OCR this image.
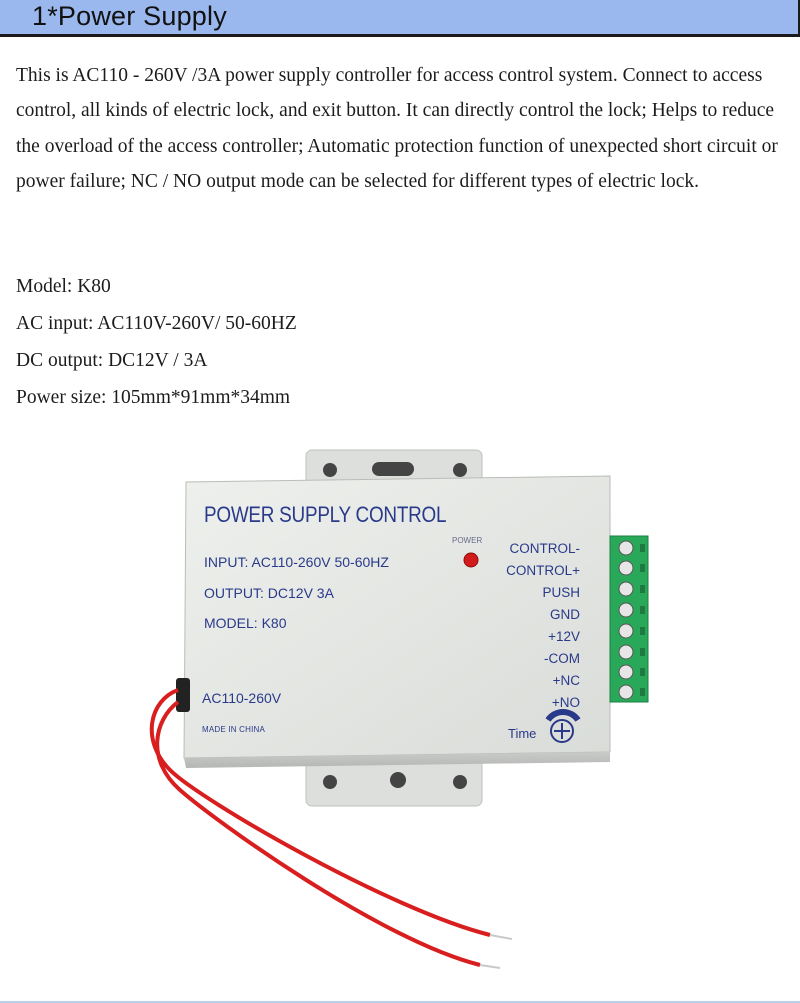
1*Power Supply

This is AC110 - 260V /3A power supply controller for access control system. Connect to access control, all kinds of electric lock, and exit button. It can directly control the lock; Helps to reduce the overload of the access controller; Automatic protection function of unexpected short circuit or power failure; NC / NO output mode can be selected for different types of electric lock.

Model: K80
AC input: AC110V-260V/ 50-60HZ
DC output: DC12V / 3A
Power size: 105mm*91mm*34mm
POWER SUPPLY CONTROL
INPUT: AC110-260V 50-60HZ
OUTPUT: DC12V 3A
MODEL: K80
AC110-260V
MADE IN CHINA
POWER
Time
CONTROL-
CONTROL+
PUSH
GND
+12V
-COM
+NC
+NO
